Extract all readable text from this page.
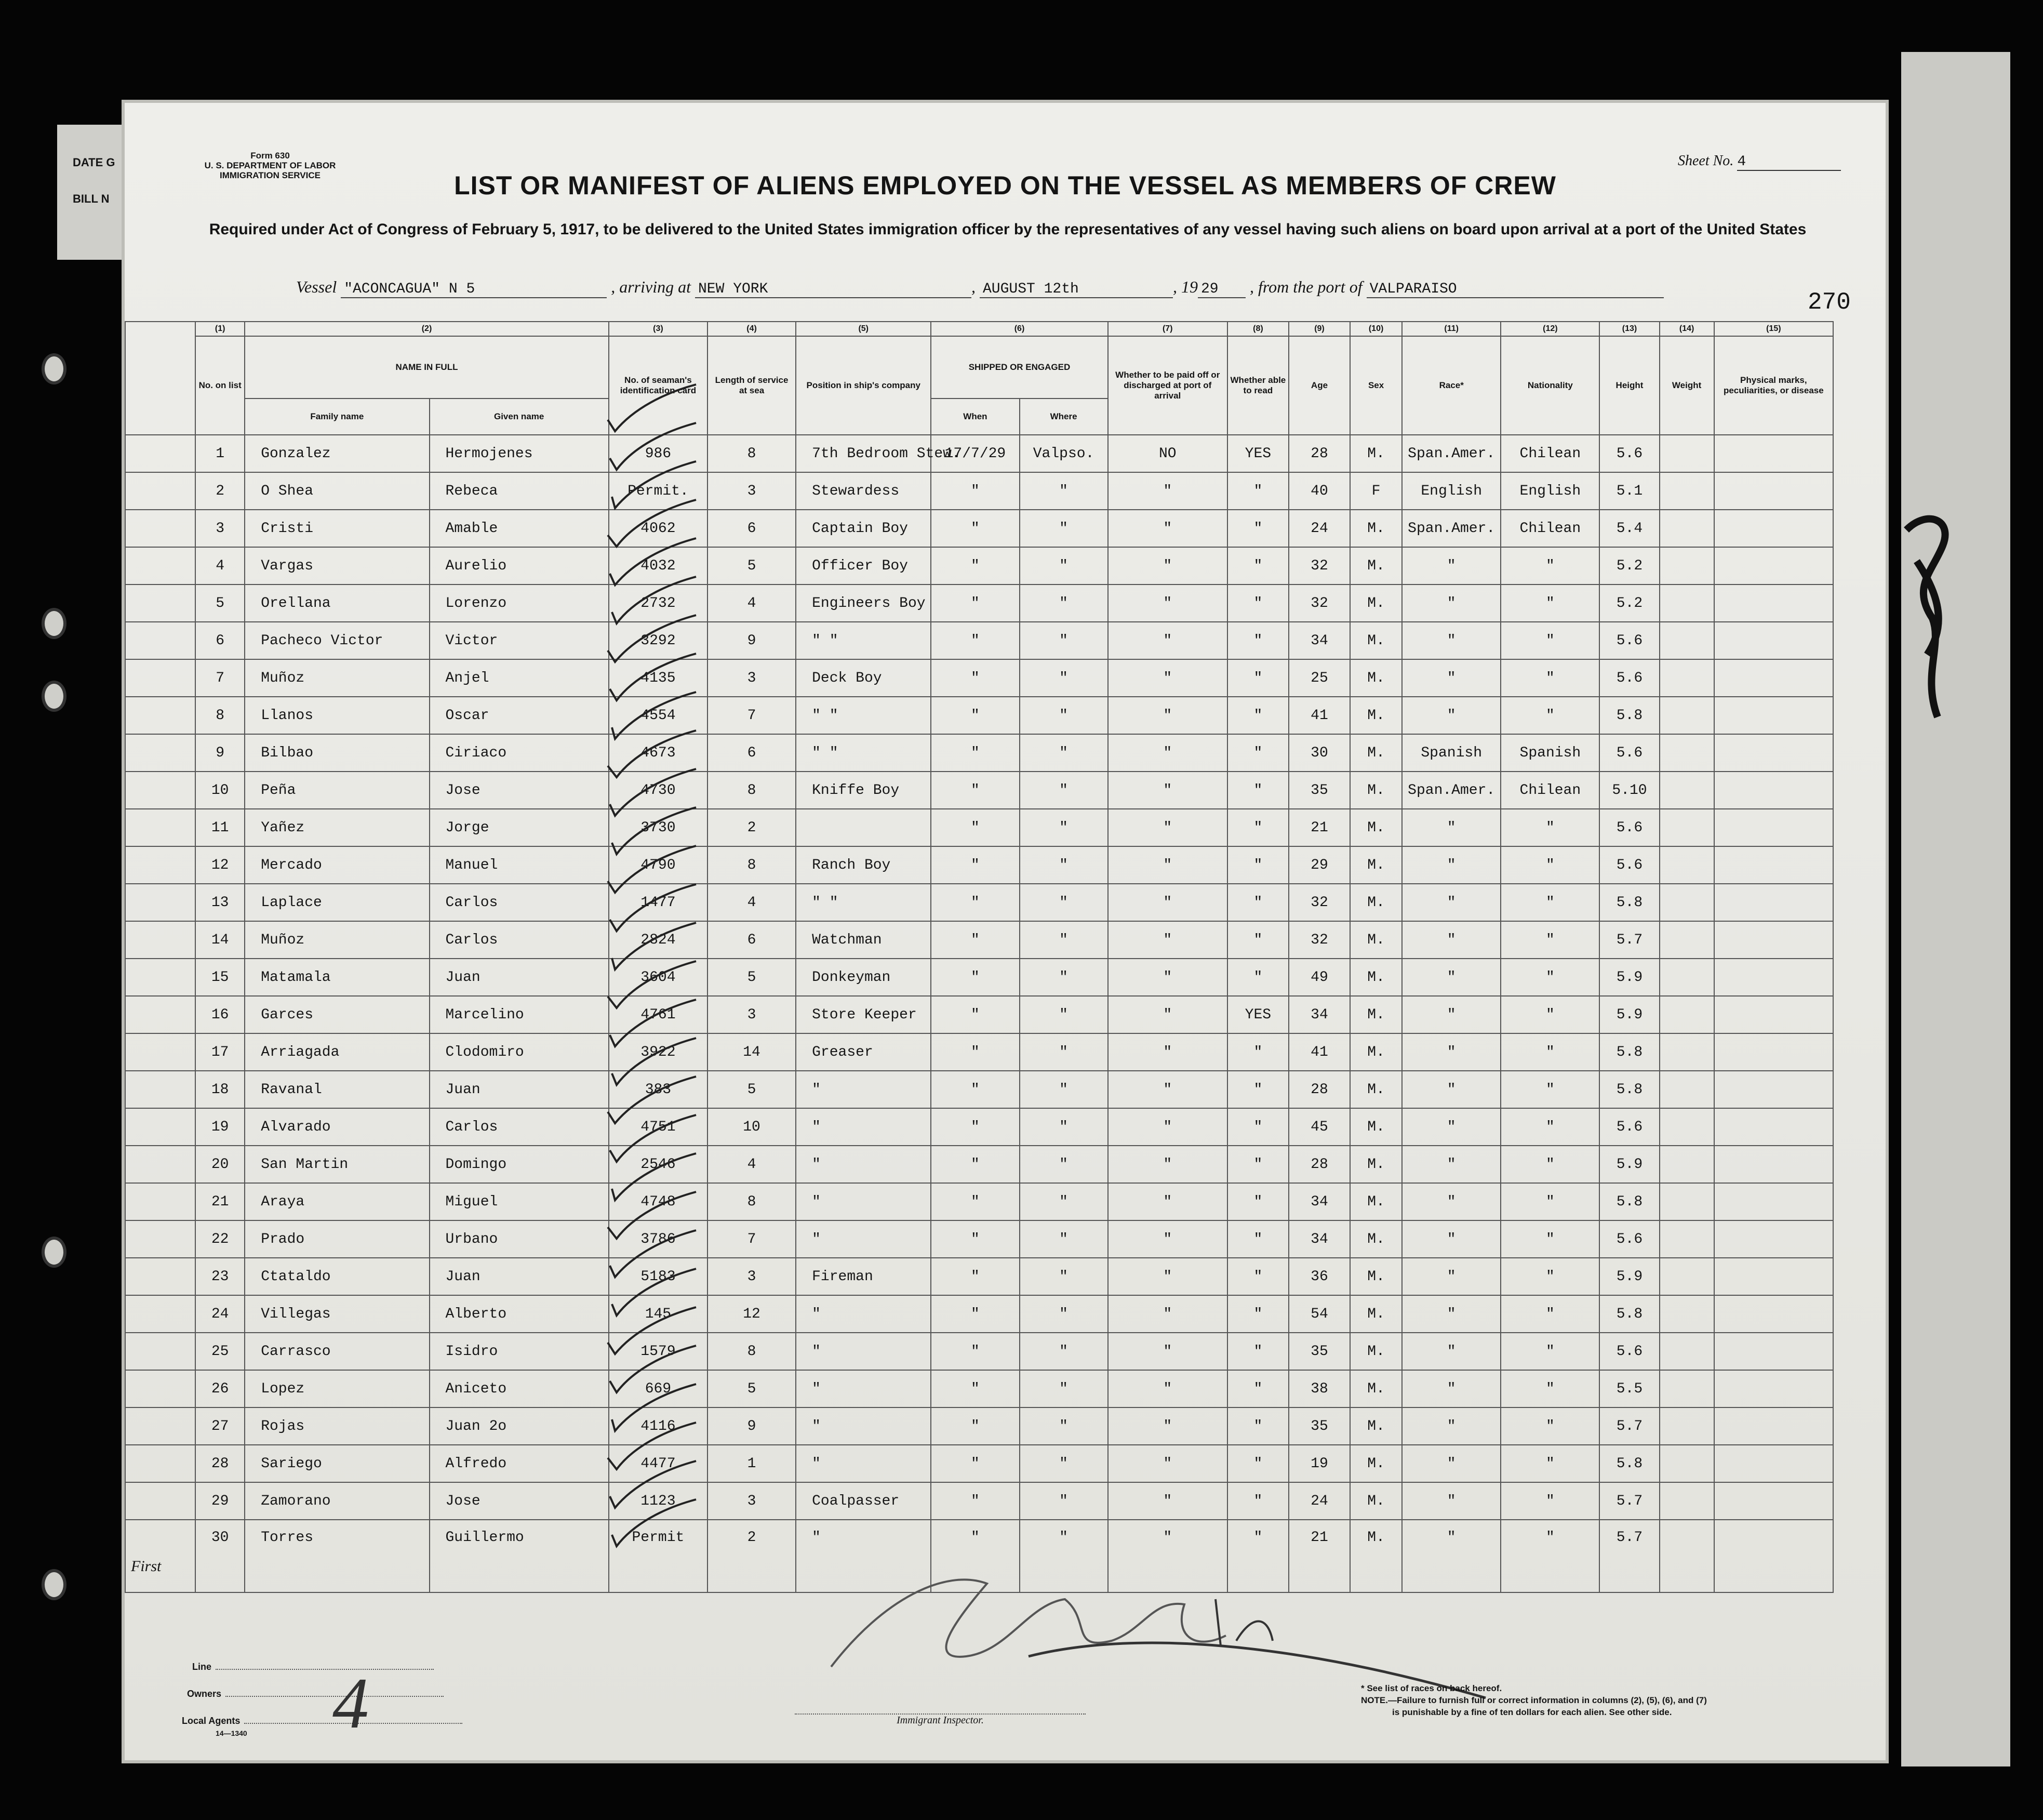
DATE G
BILL N
Form 630
U. S. DEPARTMENT OF LABOR
IMMIGRATION SERVICE
Sheet No. 4
LIST OR MANIFEST OF ALIENS EMPLOYED ON THE VESSEL AS MEMBERS OF CREW
Required under Act of Congress of February 5, 1917, to be delivered to the United States immigration officer by the representatives of any vessel having such aliens on board upon arrival at a port of the United States
Vessel "ACONCAGUA" N 5	, arriving at NEW YORK	, AUGUST 12th	, 19 29 , from the port of VALPARAISO	270
	(1)	(2)		(3)	(4)	(5)	(6)		(7)	(8)	(9)	(10)	(11)	(12)	(13)	(14)	(15)
	No. on list	NAME IN FULL		No. of seaman's identification card	Length of service at sea	Position in ship's company	SHIPPED OR ENGAGED		Whether to be paid off or discharged at port of arrival	Whether able to read	Age	Sex	Race*	Nationality	Height	Weight	Physical marks, peculiarities, or disease
		Family name	Given name				When	Where									
	1	Gonzalez	Hermojenes	986	8	7th Bedroom Stew.	17/7/29	Valpso.	NO	YES	28	M.	Span.Amer.	Chilean	5.6		
	2	O Shea	Rebeca	Permit.	3	Stewardess	"	"	"	"	40	F	English	English	5.1		
	3	Cristi	Amable	4062	6	Captain Boy	"	"	"	"	24	M.	Span.Amer.	Chilean	5.4		
	4	Vargas	Aurelio	4032	5	Officer Boy	"	"	"	"	32	M.	"	"	5.2		
	5	Orellana	Lorenzo	2732	4	Engineers Boy	"	"	"	"	32	M.	"	"	5.2		
	6	Pacheco Victor	Victor	3292	9	" "	"	"	"	"	34	M.	"	"	5.6		
	7	Muñoz	Anjel	4135	3	Deck Boy	"	"	"	"	25	M.	"	"	5.6		
	8	Llanos	Oscar	4554	7	" "	"	"	"	"	41	M.	"	"	5.8		
	9	Bilbao	Ciriaco	4673	6	" "	"	"	"	"	30	M.	Spanish	Spanish	5.6		
	10	Peña	Jose	4730	8	Kniffe Boy	"	"	"	"	35	M.	Span.Amer.	Chilean	5.10		
	11	Yañez	Jorge	3730	2		"	"	"	"	21	M.	"	"	5.6		
	12	Mercado	Manuel	4790	8	Ranch Boy	"	"	"	"	29	M.	"	"	5.6		
	13	Laplace	Carlos	1477	4	" "	"	"	"	"	32	M.	"	"	5.8		
	14	Muñoz	Carlos	2824	6	Watchman	"	"	"	"	32	M.	"	"	5.7		
	15	Matamala	Juan	3604	5	Donkeyman	"	"	"	"	49	M.	"	"	5.9		
	16	Garces	Marcelino	4761	3	Store Keeper	"	"	"	YES	34	M.	"	"	5.9		
	17	Arriagada	Clodomiro	3922	14	Greaser	"	"	"	"	41	M.	"	"	5.8		
	18	Ravanal	Juan	383	5	"	"	"	"	"	28	M.	"	"	5.8		
	19	Alvarado	Carlos	4751	10	"	"	"	"	"	45	M.	"	"	5.6		
	20	San Martin	Domingo	2546	4	"	"	"	"	"	28	M.	"	"	5.9		
	21	Araya	Miguel	4748	8	"	"	"	"	"	34	M.	"	"	5.8		
	22	Prado	Urbano	3786	7	"	"	"	"	"	34	M.	"	"	5.6		
	23	Ctataldo	Juan	5183	3	Fireman	"	"	"	"	36	M.	"	"	5.9		
	24	Villegas	Alberto	145	12	"	"	"	"	"	54	M.	"	"	5.8		
	25	Carrasco	Isidro	1579	8	"	"	"	"	"	35	M.	"	"	5.6		
	26	Lopez	Aniceto	669	5	"	"	"	"	"	38	M.	"	"	5.5		
	27	Rojas	Juan 2o	4116	9	"	"	"	"	"	35	M.	"	"	5.7		
	28	Sariego	Alfredo	4477	1	"	"	"	"	"	19	M.	"	"	5.8		
	29	Zamorano	Jose	1123	3	Coalpasser	"	"	"	"	24	M.	"	"	5.7		
	30	Torres	Guillermo	Permit	2	"	"	"	"	"	21	M.	"	"	5.7		
First
Line
Owners
Local Agents
14—1340 4	Immigrant Inspector.
* See list of races on back hereof.
NOTE.—Failure to furnish full or correct information in columns (2), (5), (6), and (7)
is punishable by a fine of ten dollars for each alien. See other side.
